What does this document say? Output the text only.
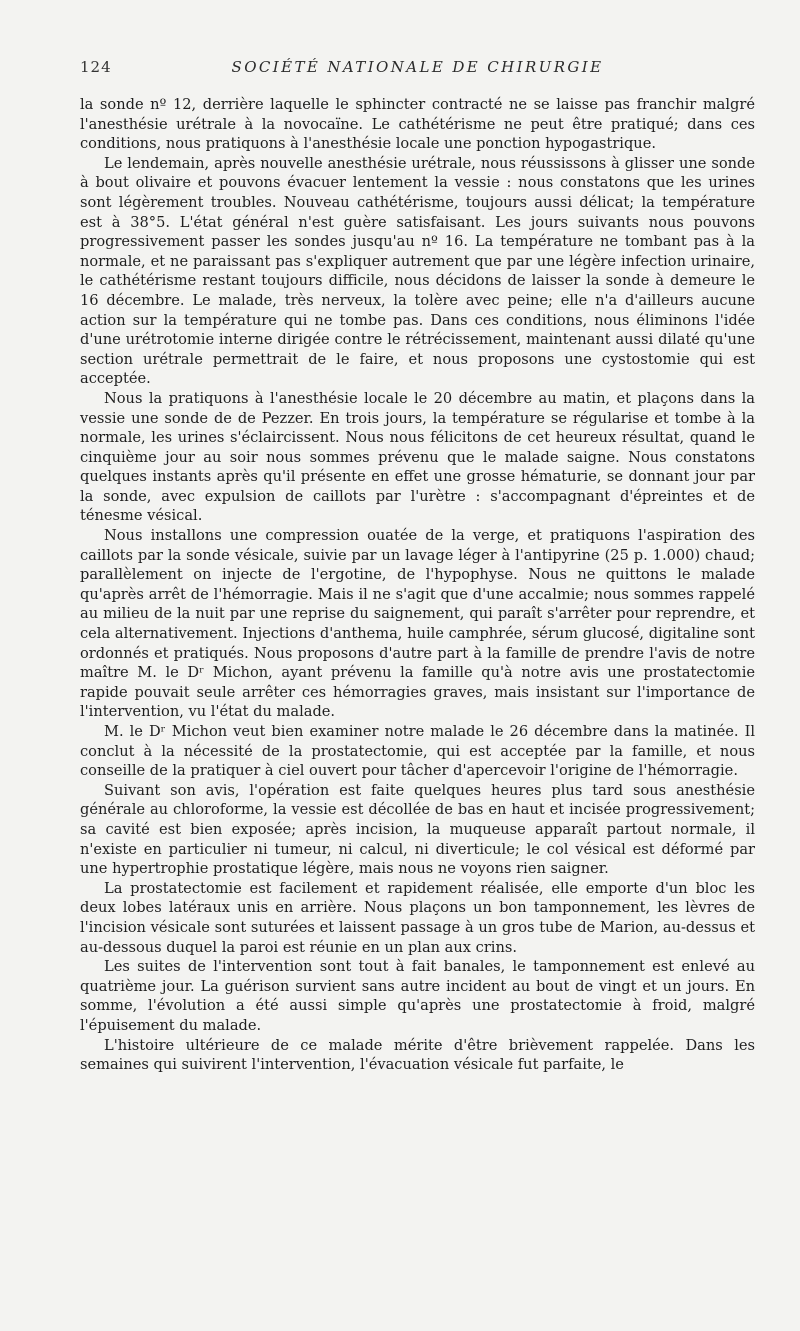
124	SOCIÉTÉ NATIONALE DE CHIRURGIE

la sonde nº 12, derrière laquelle le sphincter contracté ne se laisse pas franchir malgré l'anesthésie urétrale à la novocaïne. Le cathétérisme ne peut être pratiqué; dans ces conditions, nous pratiquons à l'anesthésie locale une ponction hypogastrique.

Le lendemain, après nouvelle anesthésie urétrale, nous réussissons à glisser une sonde à bout olivaire et pouvons évacuer lentement la vessie : nous constatons que les urines sont légèrement troubles. Nouveau cathétérisme, toujours aussi délicat; la température est à 38°5. L'état général n'est guère satisfaisant. Les jours suivants nous pouvons progressivement passer les sondes jusqu'au nº 16. La température ne tombant pas à la normale, et ne paraissant pas s'expliquer autrement que par une légère infection urinaire, le cathétérisme restant toujours difficile, nous décidons de laisser la sonde à demeure le 16 décembre. Le malade, très nerveux, la tolère avec peine; elle n'a d'ailleurs aucune action sur la température qui ne tombe pas. Dans ces conditions, nous éliminons l'idée d'une urétrotomie interne dirigée contre le rétrécissement, maintenant aussi dilaté qu'une section urétrale permettrait de le faire, et nous proposons une cystostomie qui est acceptée.

Nous la pratiquons à l'anesthésie locale le 20 décembre au matin, et plaçons dans la vessie une sonde de de Pezzer. En trois jours, la température se régularise et tombe à la normale, les urines s'éclaircissent. Nous nous félicitons de cet heureux résultat, quand le cinquième jour au soir nous sommes prévenu que le malade saigne. Nous constatons quelques instants après qu'il présente en effet une grosse hématurie, se donnant jour par la sonde, avec expulsion de caillots par l'urètre : s'accompagnant d'épreintes et de ténesme vésical.

Nous installons une compression ouatée de la verge, et pratiquons l'aspiration des caillots par la sonde vésicale, suivie par un lavage léger à l'antipyrine (25 p. 1.000) chaud; parallèlement on injecte de l'ergotine, de l'hypophyse. Nous ne quittons le malade qu'après arrêt de l'hémorragie. Mais il ne s'agit que d'une accalmie; nous sommes rappelé au milieu de la nuit par une reprise du saignement, qui paraît s'arrêter pour reprendre, et cela alternativement. Injections d'anthema, huile camphrée, sérum glucosé, digitaline sont ordonnés et pratiqués. Nous proposons d'autre part à la famille de prendre l'avis de notre maître M. le Dʳ Michon, ayant prévenu la famille qu'à notre avis une prostatectomie rapide pouvait seule arrêter ces hémorragies graves, mais insistant sur l'importance de l'intervention, vu l'état du malade.

M. le Dʳ Michon veut bien examiner notre malade le 26 décembre dans la matinée. Il conclut à la nécessité de la prostatectomie, qui est acceptée par la famille, et nous conseille de la pratiquer à ciel ouvert pour tâcher d'apercevoir l'origine de l'hémorragie.

Suivant son avis, l'opération est faite quelques heures plus tard sous anesthésie générale au chloroforme, la vessie est décollée de bas en haut et incisée progressivement; sa cavité est bien exposée; après incision, la muqueuse apparaît partout normale, il n'existe en particulier ni tumeur, ni calcul, ni diverticule; le col vésical est déformé par une hypertrophie prostatique légère, mais nous ne voyons rien saigner.

La prostatectomie est facilement et rapidement réalisée, elle emporte d'un bloc les deux lobes latéraux unis en arrière. Nous plaçons un bon tamponnement, les lèvres de l'incision vésicale sont suturées et laissent passage à un gros tube de Marion, au-dessus et au-dessous duquel la paroi est réunie en un plan aux crins.

Les suites de l'intervention sont tout à fait banales, le tamponnement est enlevé au quatrième jour. La guérison survient sans autre incident au bout de vingt et un jours. En somme, l'évolution a été aussi simple qu'après une prostatectomie à froid, malgré l'épuisement du malade.

L'histoire ultérieure de ce malade mérite d'être brièvement rappelée. Dans les semaines qui suivirent l'intervention, l'évacuation vésicale fut parfaite, le
